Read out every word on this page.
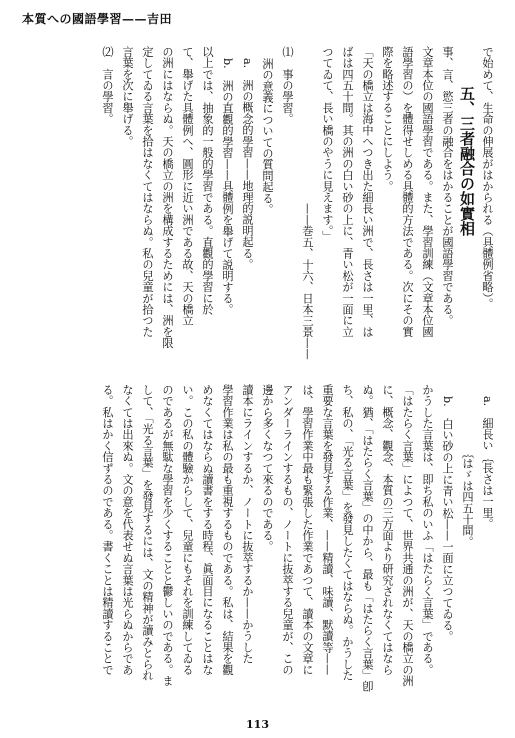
本質への國語學習——吉田
で始めて、生命の伸展がはかられる（具體例省略）。
五、三者融合の如實相
事、言、慾三者の融合をはかることが國語學習である。
文章本位の國語學習である。また、學習訓練（文章本位國
語學習の）を體得せしめる具體的方法である。次にその實
際を略述することにしよう。
「天の橋立は海中へつき出た細長い洲で、長さは一里、は
ばは四五十間。其の洲の白い砂の上に、青い松が一面に立
つてゐて、長い橋のやうに見えます。」
——巻五、十六、日本三景——
⑴　事の學習。
洲の意義についての質問起る。
a.　洲の概念的學習——地理的説明起る。
b.　洲の直觀的學習——具體例を舉げて説明する。
以上では、抽象的一般的學習である。直觀的學習に於
て、舉げた具體例へ、圓形に近い洲である故、天の橋立
の洲にはならぬ。天の橋立の洲を構成するためには、洲を限
定してゐる言葉を拾はなくてはならぬ。私の兒童が拾つた
言葉を次に舉げる。
⑵　言の學習。
a.　細長い｛長さは一里。
　　　　　｛はゞは四五十間。
b.　白い砂の上に青い松——一面に立つてゐる。
かうした言葉は、即ち私のいふ「はたらく言葉」である。
「はたらく言葉」によつて、世界共通の洲が、天の橋立の洲
に、概念、觀念、本質の三方面より研究されなくてはなら
ぬ。猶、「はたらく言葉」の中から、最も「はたらく言葉」卽
ち、私の、「光る言葉」を發見したくてはならぬ。かうした
重要な言葉を發見する作業、——精讀、味讀、默讀等——
は、學習作業中最も緊張した作業であつて、讀本の文章に
アンダーラインするもの、ノートに抜萃する兒童が、この
邊から多くなつて來るのである。
讀本にラインするか、ノートに抜萃するか——かうした
學習作業は私の最も重視するものである。私は、結果を觀
めなくてはならぬ讀書をする時程、眞面目になることはな
い。この私の體驗からして、兒童にもそれを訓練してゐる
のであるが無駄な學習を少くすることと鬱しいのである。ま
して、「光る言葉」を發見するには、文の精神が讀みとられ
なくては出來ぬ。文の意を代表せぬ言葉は光らぬからであ
る。私はかく信ずるのである。書くことは精讀することで
113
